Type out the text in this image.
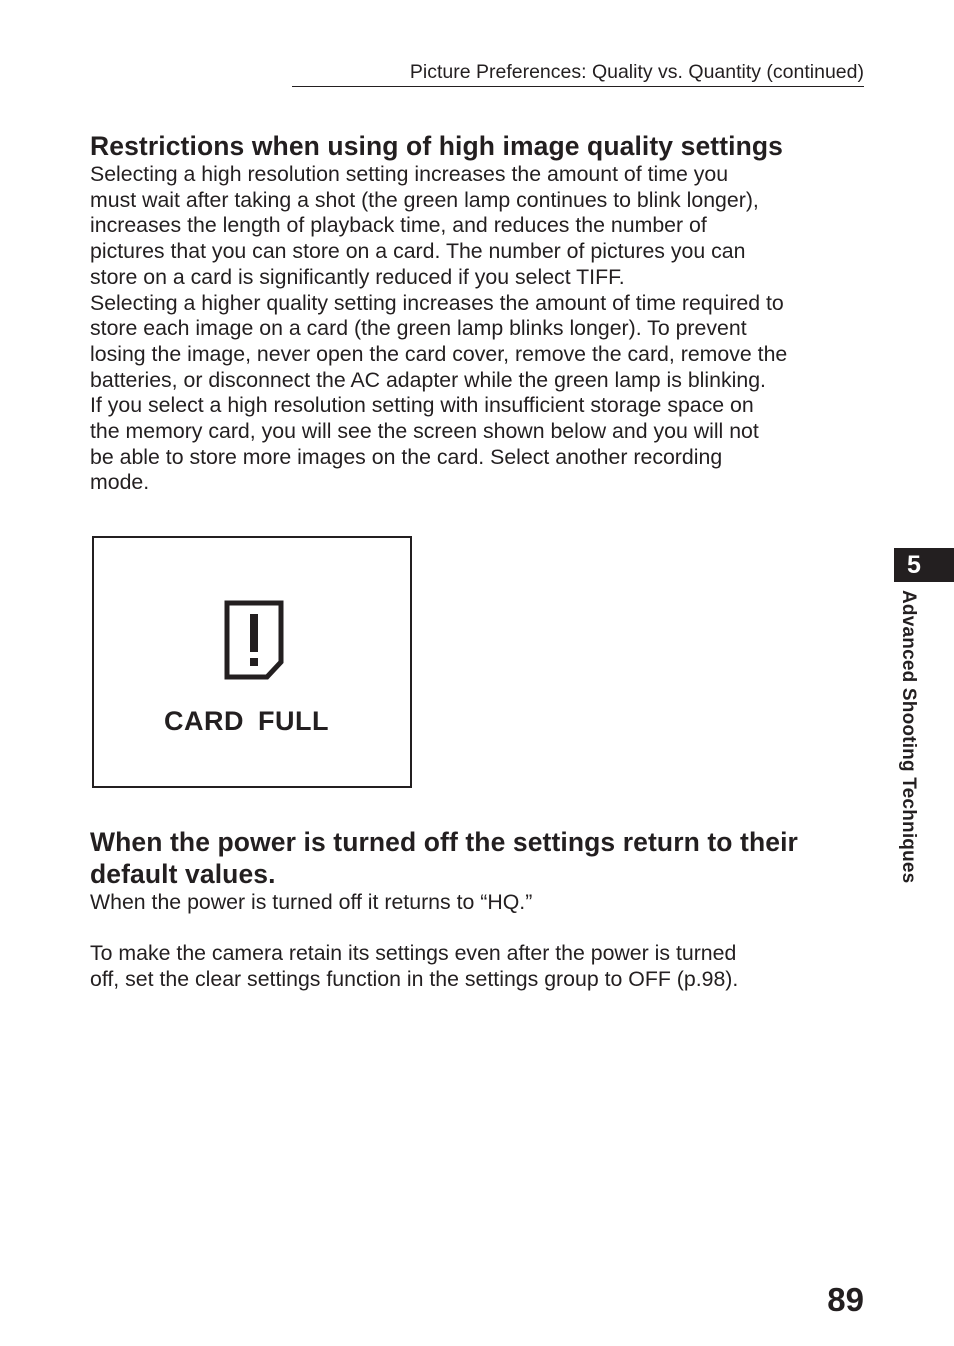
Picture Preferences: Quality vs. Quantity (continued)
Restrictions when using of high image quality settings

Selecting a high resolution setting increases the amount of time you

must wait after taking a shot (the green lamp continues to blink longer),

increases the length of playback time, and reduces the number of

pictures that you can store on a card. The number of pictures you can

store on a card is significantly reduced if you select TIFF.

Selecting a higher quality setting increases the amount of time required to

store each image on a card (the green lamp blinks longer). To prevent

losing the image, never open the card cover, remove the card, remove the

batteries, or disconnect the AC adapter while the green lamp is blinking.

If you select a high resolution setting with insufficient storage space on

the memory card, you will see the screen shown below and you will not

be able to store more images on the card. Select another recording

mode.

CARD FULL
When the power is turned off the settings return to their
default values.

When the power is turned off it returns to “HQ.”

To make the camera retain its settings even after the power is turned

off, set the clear settings function in the settings group to OFF (p.98).

5
Advanced Shooting Techniques
89
